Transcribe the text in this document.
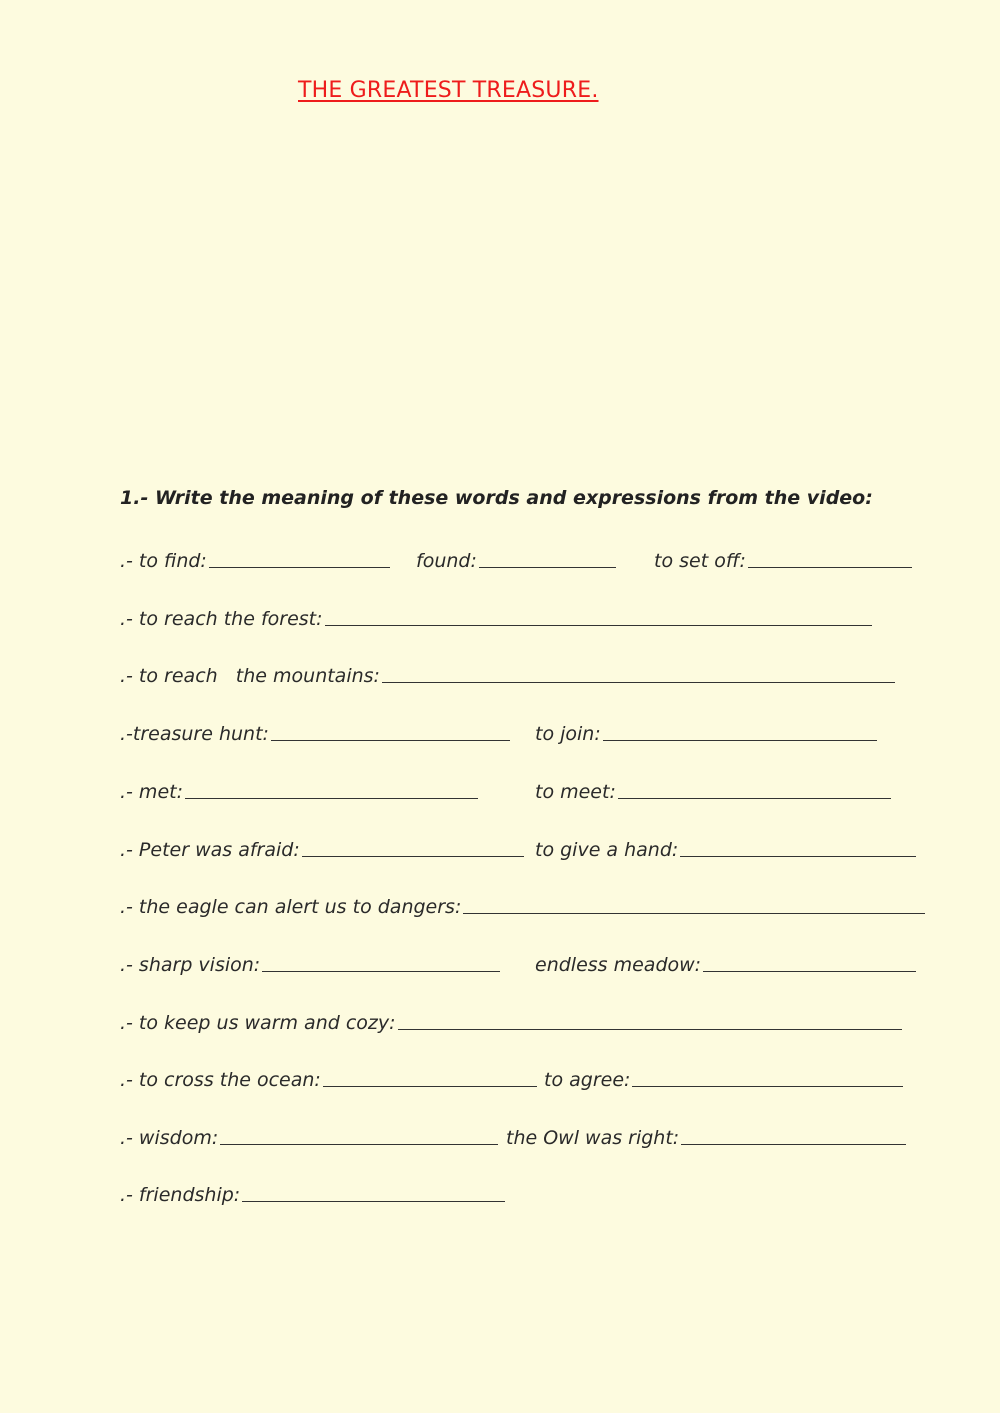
THE GREATEST TREASURE.

1.- Write the meaning of these words and expressions from the video:

.- to find:	found:	to set off:
.- to reach the forest:
.- to reach   the mountains:
.-treasure hunt:	to join:
.- met:	to meet:
.- Peter was afraid:	to give a hand:
.- the eagle can alert us to dangers:
.- sharp vision:	endless meadow:
.- to keep us warm and cozy:
.- to cross the ocean:	to agree:
.- wisdom:	the Owl was right:
.- friendship:
